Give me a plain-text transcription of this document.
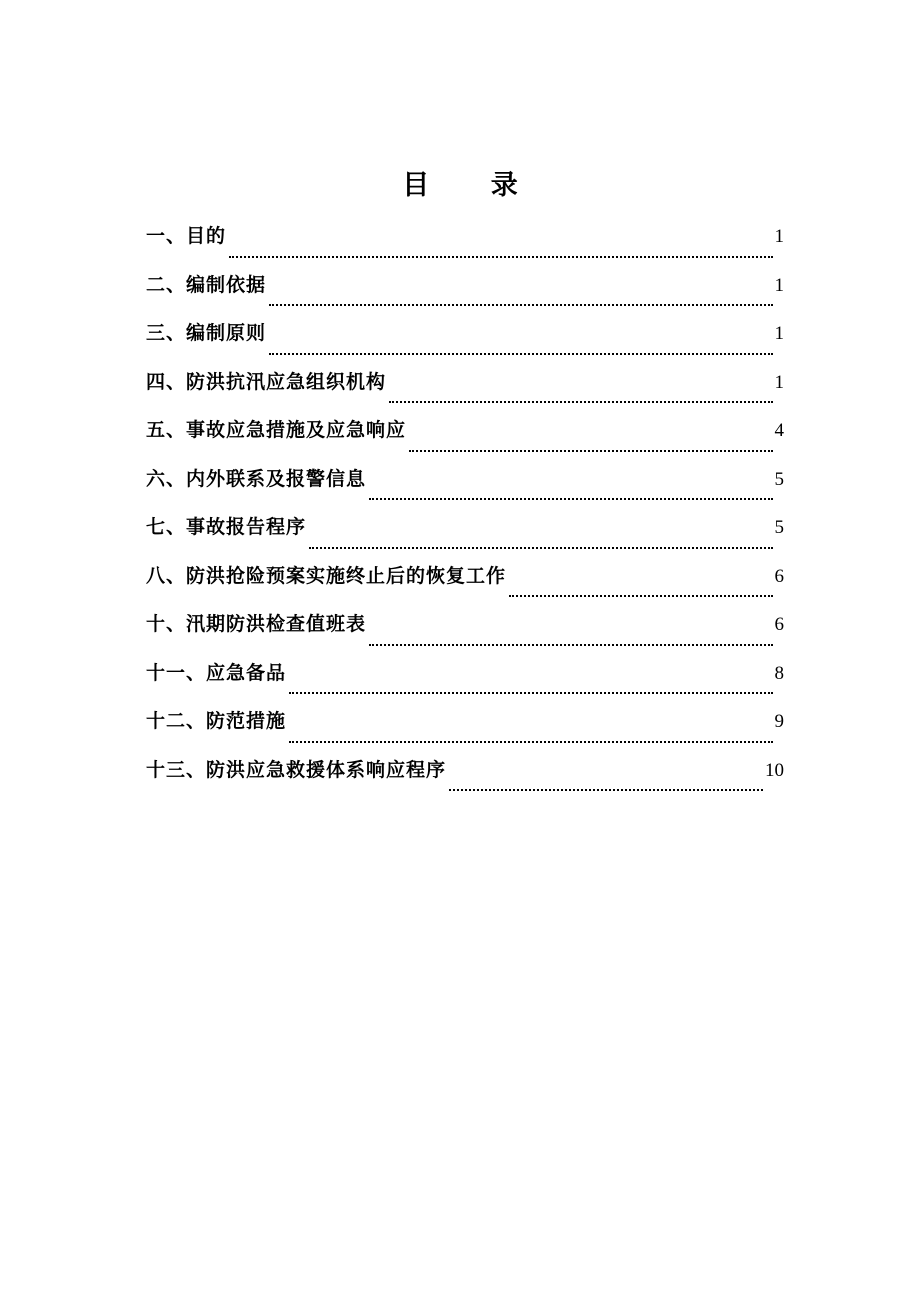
目 录
一、目的	1
二、编制依据	1
三、编制原则	1
四、防洪抗汛应急组织机构	1
五、事故应急措施及应急响应	4
六、内外联系及报警信息	5
七、事故报告程序	5
八、防洪抢险预案实施终止后的恢复工作	6
十、汛期防洪检查值班表	6
十一、应急备品	8
十二、防范措施	9
十三、防洪应急救援体系响应程序	10
